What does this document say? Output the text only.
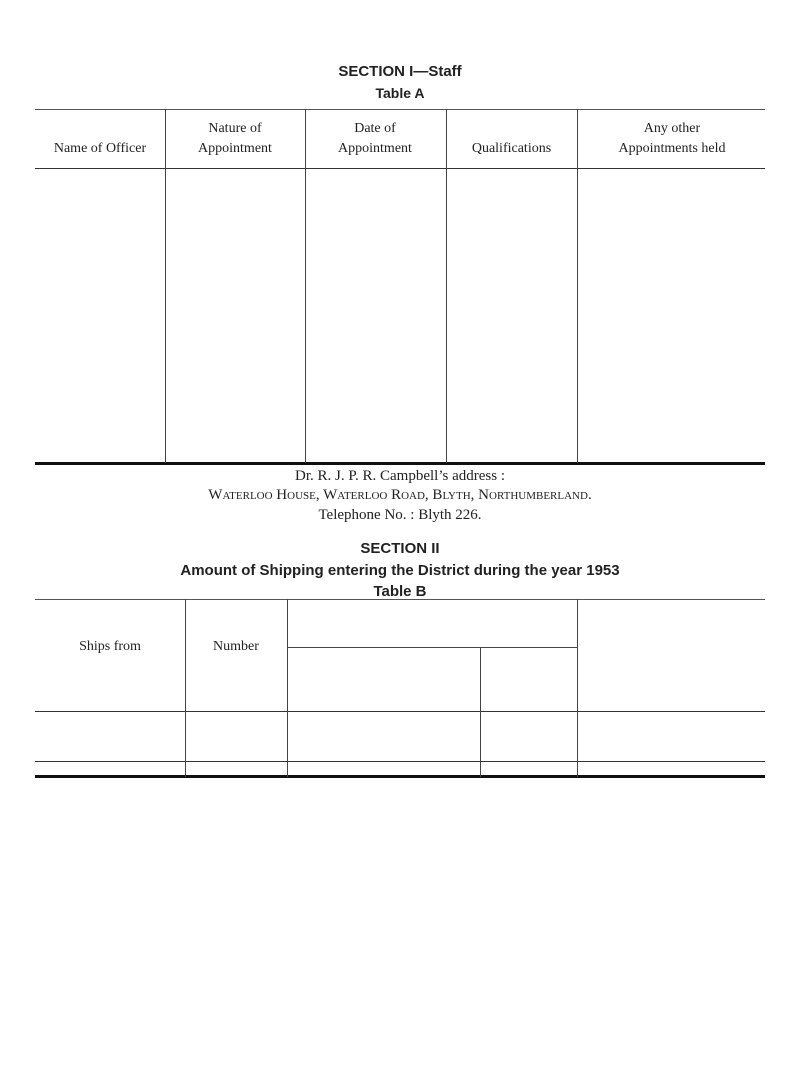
SECTION I—Staff
Table A
Name of Officer
Nature of Appointment
Date of Appointment	Qualifications
Any other Appointments held
Dr. R. J. P. R. Campbell’s address :
Waterloo House, Waterloo Road, Blyth, Northumberland.
Telephone No. : Blyth 226.
SECTION II
Amount of Shipping entering the District during the year 1953
Table B
Ships from	Number
